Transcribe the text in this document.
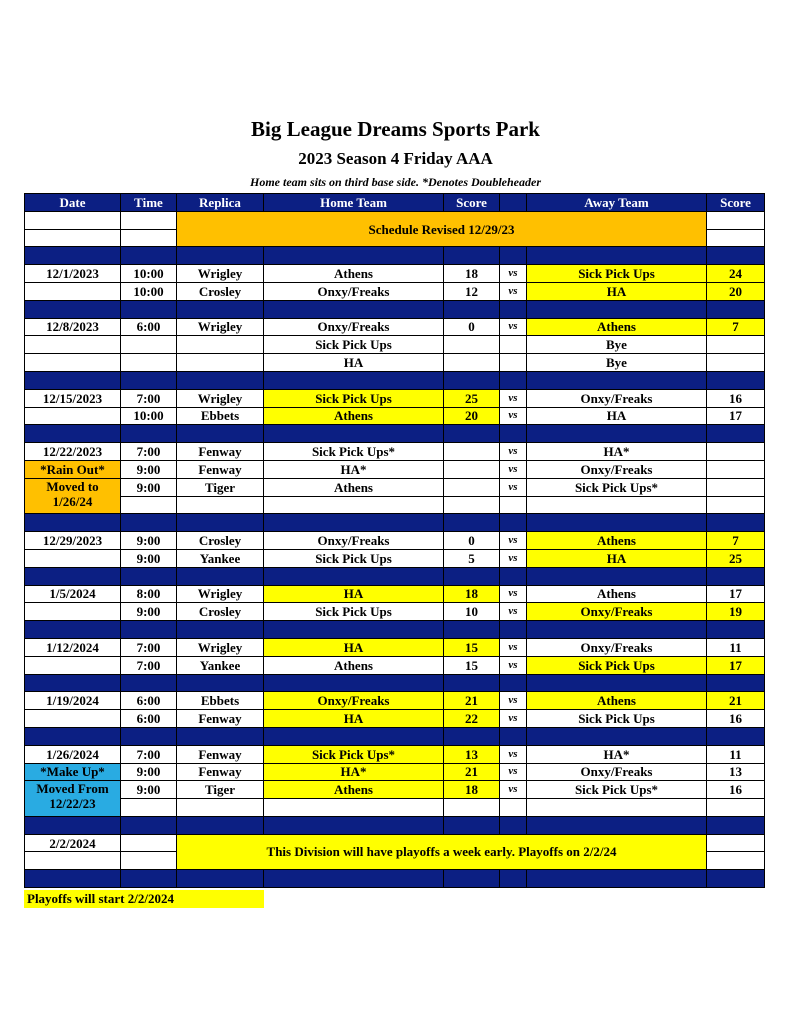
Big League Dreams Sports Park
2023 Season 4 Friday AAA
Home team sits on third base side. *Denotes Doubleheader
Date	Time	Replica	Home Team	Score		Away Team	Score
		Schedule Revised 12/29/23					

12/1/2023	10:00	Wrigley	Athens	18	vs	Sick Pick Ups	24
	10:00	Crosley	Onxy/Freaks	12	vs	HA	20

12/8/2023	6:00	Wrigley	Onxy/Freaks	0	vs	Athens	7
			Sick Pick Ups			Bye	
			HA			Bye	

12/15/2023	7:00	Wrigley	Sick Pick Ups	25	vs	Onxy/Freaks	16
	10:00	Ebbets	Athens	20	vs	HA	17

12/22/2023	7:00	Fenway	Sick Pick Ups*		vs	HA*	
*Rain Out*	9:00	Fenway	HA*		vs	Onxy/Freaks	
Moved to 1/26/24	9:00	Tiger	Athens		vs	Sick Pick Ups*	

12/29/2023	9:00	Crosley	Onxy/Freaks	0	vs	Athens	7
	9:00	Yankee	Sick Pick Ups	5	vs	HA	25

1/5/2024	8:00	Wrigley	HA	18	vs	Athens	17
	9:00	Crosley	Sick Pick Ups	10	vs	Onxy/Freaks	19

1/12/2024	7:00	Wrigley	HA	15	vs	Onxy/Freaks	11
	7:00	Yankee	Athens	15	vs	Sick Pick Ups	17

1/19/2024	6:00	Ebbets	Onxy/Freaks	21	vs	Athens	21
	6:00	Fenway	HA	22	vs	Sick Pick Ups	16

1/26/2024	7:00	Fenway	Sick Pick Ups*	13	vs	HA*	11
*Make Up*	9:00	Fenway	HA*	21	vs	Onxy/Freaks	13
Moved From 12/22/23	9:00	Tiger	Athens	18	vs	Sick Pick Ups*	16

2/2/2024		This Division will have playoffs a week early. Playoffs on 2/2/24					

Playoffs will start 2/2/2024
